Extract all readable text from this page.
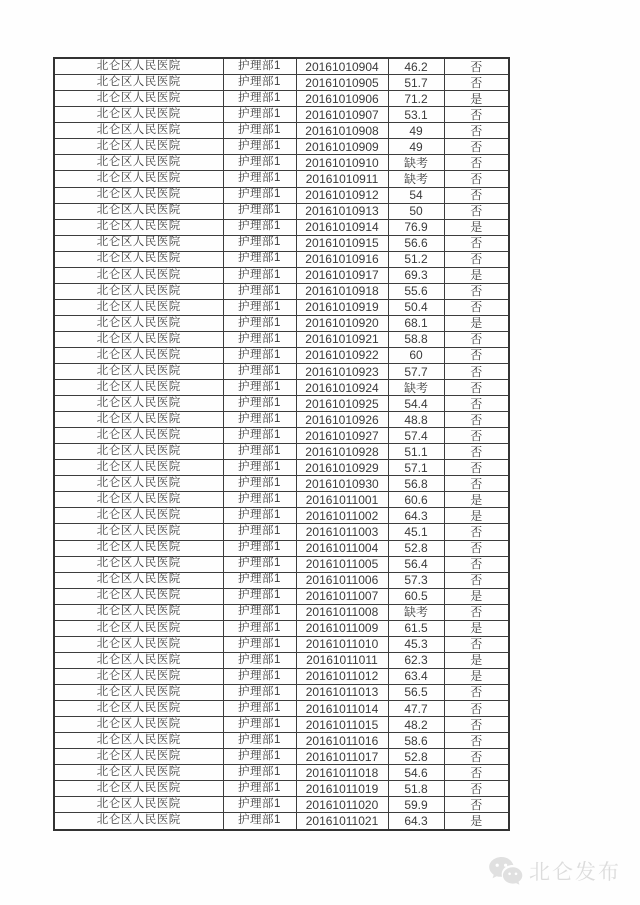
北仑区人民医院	护理部1	20161010904	46.2	否
北仑区人民医院	护理部1	20161010905	51.7	否
北仑区人民医院	护理部1	20161010906	71.2	是
北仑区人民医院	护理部1	20161010907	53.1	否
北仑区人民医院	护理部1	20161010908	49	否
北仑区人民医院	护理部1	20161010909	49	否
北仑区人民医院	护理部1	20161010910	缺考	否
北仑区人民医院	护理部1	20161010911	缺考	否
北仑区人民医院	护理部1	20161010912	54	否
北仑区人民医院	护理部1	20161010913	50	否
北仑区人民医院	护理部1	20161010914	76.9	是
北仑区人民医院	护理部1	20161010915	56.6	否
北仑区人民医院	护理部1	20161010916	51.2	否
北仑区人民医院	护理部1	20161010917	69.3	是
北仑区人民医院	护理部1	20161010918	55.6	否
北仑区人民医院	护理部1	20161010919	50.4	否
北仑区人民医院	护理部1	20161010920	68.1	是
北仑区人民医院	护理部1	20161010921	58.8	否
北仑区人民医院	护理部1	20161010922	60	否
北仑区人民医院	护理部1	20161010923	57.7	否
北仑区人民医院	护理部1	20161010924	缺考	否
北仑区人民医院	护理部1	20161010925	54.4	否
北仑区人民医院	护理部1	20161010926	48.8	否
北仑区人民医院	护理部1	20161010927	57.4	否
北仑区人民医院	护理部1	20161010928	51.1	否
北仑区人民医院	护理部1	20161010929	57.1	否
北仑区人民医院	护理部1	20161010930	56.8	否
北仑区人民医院	护理部1	20161011001	60.6	是
北仑区人民医院	护理部1	20161011002	64.3	是
北仑区人民医院	护理部1	20161011003	45.1	否
北仑区人民医院	护理部1	20161011004	52.8	否
北仑区人民医院	护理部1	20161011005	56.4	否
北仑区人民医院	护理部1	20161011006	57.3	否
北仑区人民医院	护理部1	20161011007	60.5	是
北仑区人民医院	护理部1	20161011008	缺考	否
北仑区人民医院	护理部1	20161011009	61.5	是
北仑区人民医院	护理部1	20161011010	45.3	否
北仑区人民医院	护理部1	20161011011	62.3	是
北仑区人民医院	护理部1	20161011012	63.4	是
北仑区人民医院	护理部1	20161011013	56.5	否
北仑区人民医院	护理部1	20161011014	47.7	否
北仑区人民医院	护理部1	20161011015	48.2	否
北仑区人民医院	护理部1	20161011016	58.6	否
北仑区人民医院	护理部1	20161011017	52.8	否
北仑区人民医院	护理部1	20161011018	54.6	否
北仑区人民医院	护理部1	20161011019	51.8	否
北仑区人民医院	护理部1	20161011020	59.9	否
北仑区人民医院	护理部1	20161011021	64.3	是
北仑发布
